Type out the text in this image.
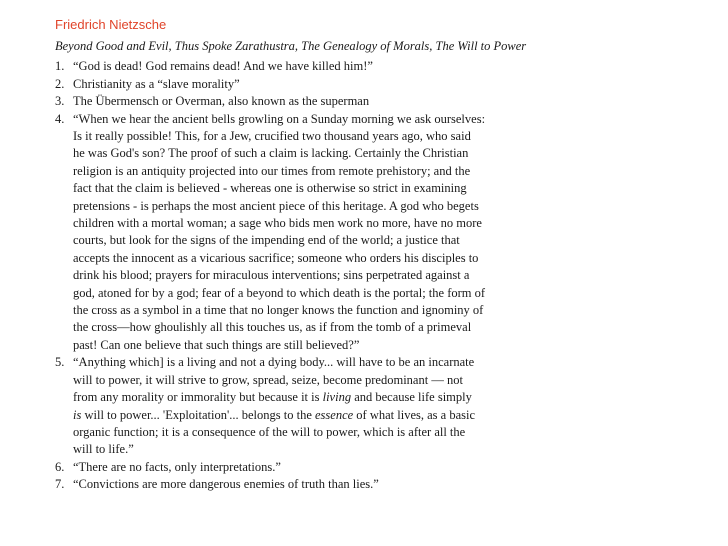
Friedrich Nietzsche
Beyond Good and Evil, Thus Spoke Zarathustra, The Genealogy of Morals, The Will to Power
1. “God is dead! God remains dead! And we have killed him!”
2. Christianity as a “slave morality”
3. The Übermensch or Overman, also known as the superman
4. “When we hear the ancient bells growling on a Sunday morning we ask ourselves:
Is it really possible! This, for a Jew, crucified two thousand years ago, who said
he was God's son? The proof of such a claim is lacking. Certainly the Christian
religion is an antiquity projected into our times from remote prehistory; and the
fact that the claim is believed - whereas one is otherwise so strict in examining
pretensions - is perhaps the most ancient piece of this heritage. A god who begets
children with a mortal woman; a sage who bids men work no more, have no more
courts, but look for the signs of the impending end of the world; a justice that
accepts the innocent as a vicarious sacrifice; someone who orders his disciples to
drink his blood; prayers for miraculous interventions; sins perpetrated against a
god, atoned for by a god; fear of a beyond to which death is the portal; the form of
the cross as a symbol in a time that no longer knows the function and ignominy of
the cross—how ghoulishly all this touches us, as if from the tomb of a primeval
past! Can one believe that such things are still believed?”
5. “Anything which] is a living and not a dying body... will have to be an incarnate
will to power, it will strive to grow, spread, seize, become predominant — not
from any morality or immorality but because it is living and because life simply
is will to power... 'Exploitation'... belongs to the essence of what lives, as a basic
organic function; it is a consequence of the will to power, which is after all the
will to life.”
6. “There are no facts, only interpretations.”
7. “Convictions are more dangerous enemies of truth than lies.”
